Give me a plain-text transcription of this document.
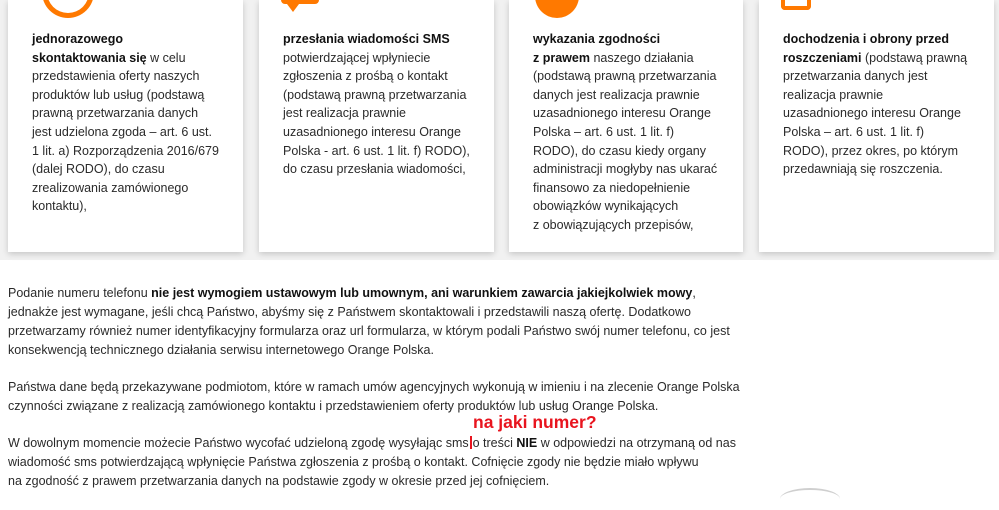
jednorazowego
skontaktowania się w celu
przedstawienia oferty naszych
produktów lub usług (podstawą
prawną przetwarzania danych
jest udzielona zgoda – art. 6 ust.
1 lit. a) Rozporządzenia 2016/679
(dalej RODO), do czasu
zrealizowania zamówionego
kontaktu),
przesłania wiadomości SMS
potwierdzającej wpłyniecie
zgłoszenia z prośbą o kontakt
(podstawą prawną przetwarzania
jest realizacja prawnie
uzasadnionego interesu Orange
Polska - art. 6 ust. 1 lit. f) RODO),
do czasu przesłania wiadomości,
wykazania zgodności
z prawem naszego działania
(podstawą prawną przetwarzania
danych jest realizacja prawnie
uzasadnionego interesu Orange
Polska – art. 6 ust. 1 lit. f)
RODO), do czasu kiedy organy
administracji mogłyby nas ukarać
finansowo za niedopełnienie
obowiązków wynikających
z obowiązujących przepisów,
dochodzenia i obrony przed
roszczeniami (podstawą prawną
przetwarzania danych jest
realizacja prawnie
uzasadnionego interesu Orange
Polska – art. 6 ust. 1 lit. f)
RODO), przez okres, po którym
przedawniają się roszczenia.
Podanie numeru telefonu nie jest wymogiem ustawowym lub umownym, ani warunkiem zawarcia jakiejkolwiek mowy,
jednakże jest wymagane, jeśli chcą Państwo, abyśmy się z Państwem skontaktowali i przedstawili naszą ofertę. Dodatkowo
przetwarzamy również numer identyfikacyjny formularza oraz url formularza, w którym podali Państwo swój numer telefonu, co jest
konsekwencją technicznego działania serwisu internetowego Orange Polska.
Państwa dane będą przekazywane podmiotom, które w ramach umów agencyjnych wykonują w imieniu i na zlecenie Orange Polska
czynności związane z realizacją zamówionego kontaktu i przedstawieniem oferty produktów lub usług Orange Polska.
W dowolnym momencie możecie Państwo wycofać udzieloną zgodę wysyłając sms o treści NIE w odpowiedzi na otrzymaną od nas
wiadomość sms potwierdzającą wpłynięcie Państwa zgłoszenia z prośbą o kontakt. Cofnięcie zgody nie będzie miało wpływu
na zgodność z prawem przetwarzania danych na podstawie zgody w okresie przed jej cofnięciem.
na jaki numer?
